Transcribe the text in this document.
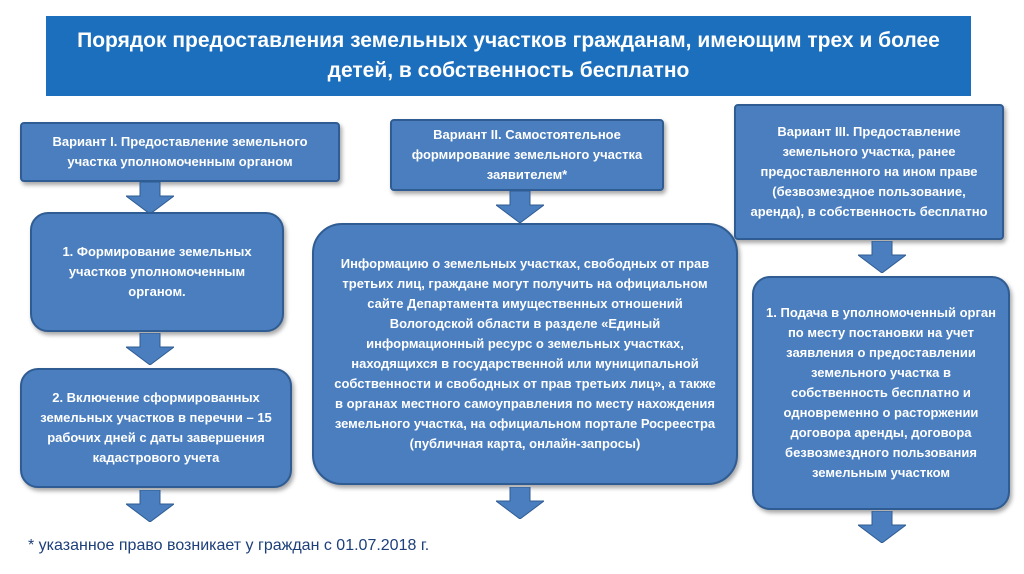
Порядок предоставления земельных участков гражданам, имеющим трех и более детей, в собственность бесплатно
Вариант I. Предоставление земельного участка уполномоченным органом
1. Формирование земельных участков уполномоченным органом.
2. Включение сформированных земельных участков в перечни – 15 рабочих дней с даты завершения кадастрового учета
Вариант II. Самостоятельное формирование земельного участка заявителем*
Информацию о земельных участках, свободных от прав третьих лиц, граждане могут получить на официальном сайте Департамента имущественных отношений Вологодской области в разделе «Единый информационный ресурс о земельных участках, находящихся в государственной или муниципальной собственности и свободных от прав третьих лиц», а также в органах местного самоуправления по месту нахождения земельного участка, на официальном портале Росреестра (публичная карта, онлайн-запросы)
Вариант III. Предоставление земельного участка, ранее предоставленного на ином праве (безвозмездное пользование, аренда), в собственность бесплатно
1. Подача в уполномоченный орган по месту постановки на учет заявления о предоставлении земельного участка в собственность бесплатно и одновременно о расторжении договора аренды, договора безвозмездного пользования земельным участком
* указанное право возникает у граждан с 01.07.2018 г.
